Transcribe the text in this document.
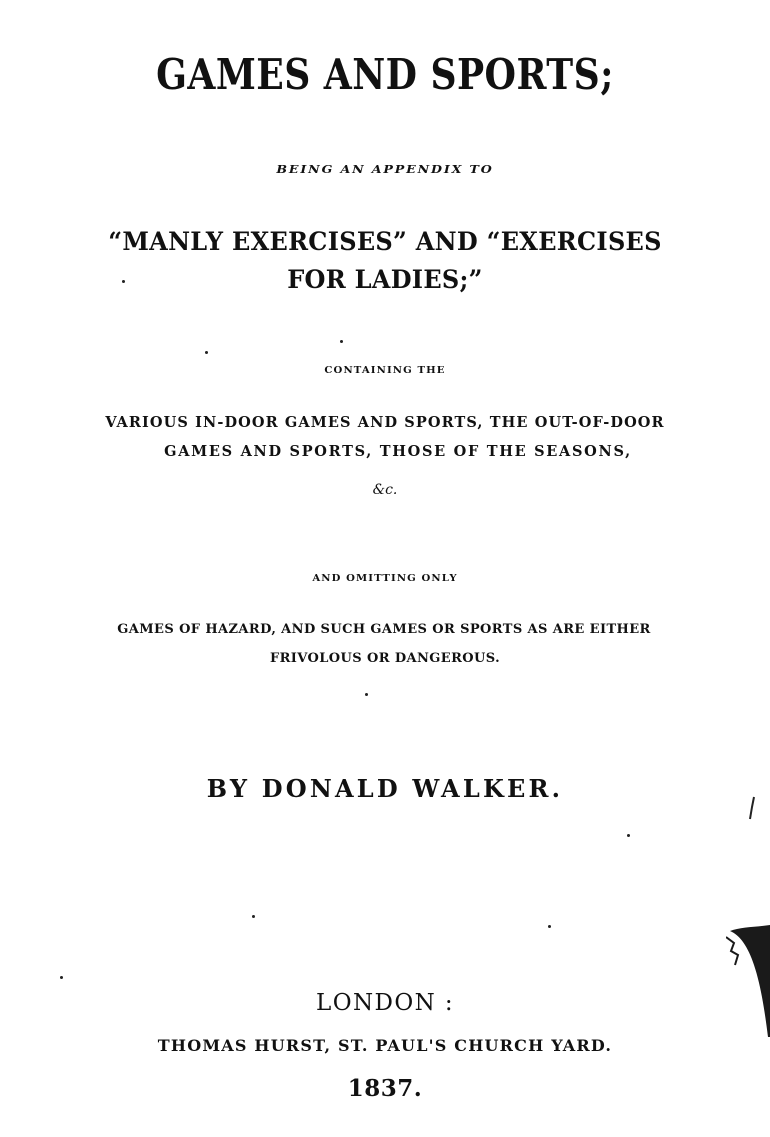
GAMES AND SPORTS;

BEING AN APPENDIX TO

“MANLY EXERCISES” AND “EXERCISES

FOR LADIES;”

CONTAINING THE

VARIOUS IN-DOOR GAMES AND SPORTS, THE OUT-OF-DOOR

GAMES AND SPORTS, THOSE OF THE SEASONS,

&c.

AND OMITTING ONLY

GAMES OF HAZARD, AND SUCH GAMES OR SPORTS AS ARE EITHER

FRIVOLOUS OR DANGEROUS.

BY DONALD WALKER.

LONDON :

THOMAS HURST, ST. PAUL'S CHURCH YARD.

1837.
